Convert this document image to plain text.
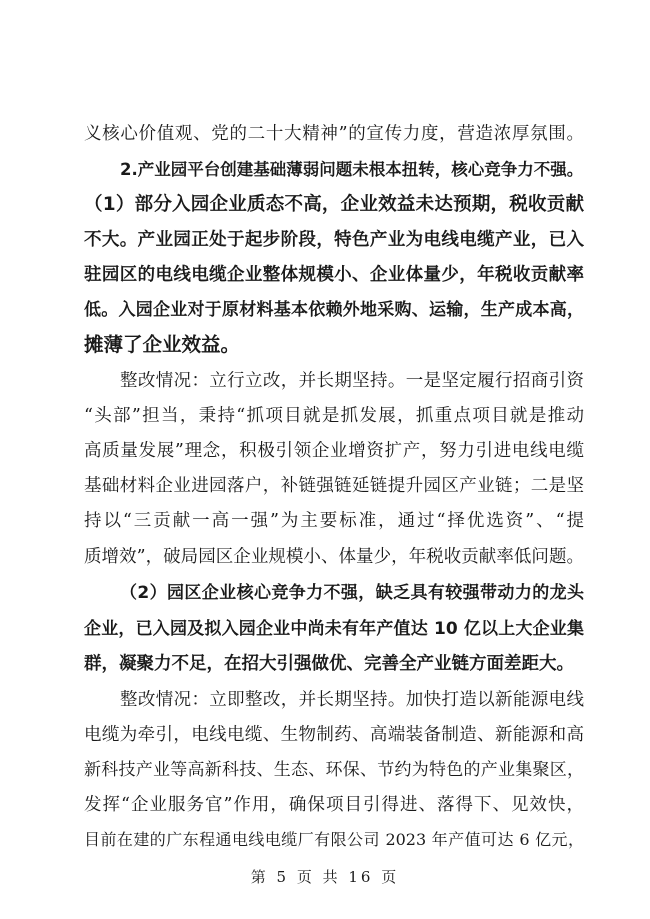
义核心价值观、党的二十大精神”的宣传力度，营造浓厚氛围。
2.产业园平台创建基础薄弱问题未根本扭转，核心竞争力不强。
（1）部分入园企业质态不高，企业效益未达预期，税收贡献
不大。产业园正处于起步阶段，特色产业为电线电缆产业，已入
驻园区的电线电缆企业整体规模小、企业体量少，年税收贡献率
低。入园企业对于原材料基本依赖外地采购、运输，生产成本高，
摊薄了企业效益。
整改情况：立行立改，并长期坚持。一是坚定履行招商引资
“头部”担当，秉持“抓项目就是抓发展，抓重点项目就是推动
高质量发展”理念，积极引领企业增资扩产，努力引进电线电缆
基础材料企业进园落户，补链强链延链提升园区产业链；二是坚
持以“三贡献一高一强”为主要标准，通过“择优选资”、“提
质增效”，破局园区企业规模小、体量少，年税收贡献率低问题。
（2）园区企业核心竞争力不强，缺乏具有较强带动力的龙头
企业，已入园及拟入园企业中尚未有年产值达 10 亿以上大企业集
群，凝聚力不足，在招大引强做优、完善全产业链方面差距大。
整改情况：立即整改，并长期坚持。加快打造以新能源电线
电缆为牵引，电线电缆、生物制药、高端装备制造、新能源和高
新科技产业等高新科技、生态、环保、节约为特色的产业集聚区，
发挥“企业服务官”作用，确保项目引得进、落得下、见效快，
目前在建的广东程通电线电缆厂有限公司 2023 年产值可达 6 亿元，
第 5 页 共 16 页
